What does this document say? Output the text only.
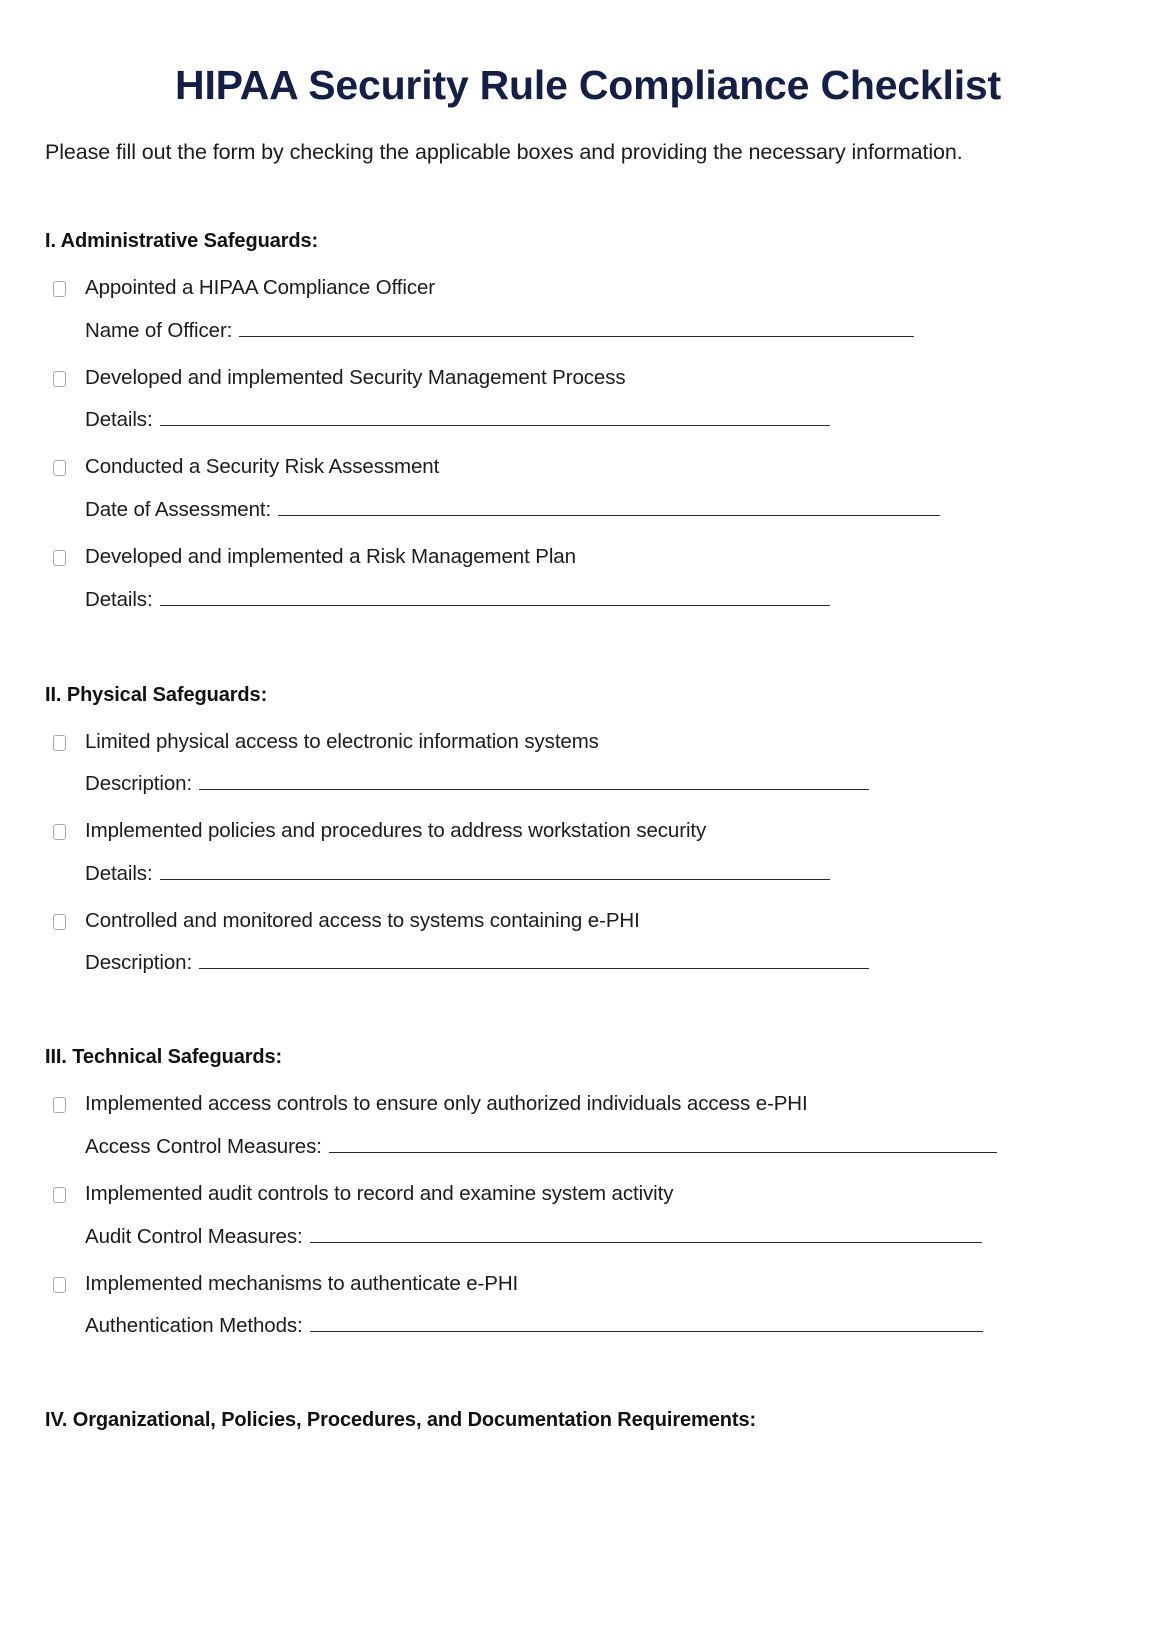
HIPAA Security Rule Compliance Checklist

Please fill out the form by checking the applicable boxes and providing the necessary information.

I. Administrative Safeguards:
Appointed a HIPAA Compliance Officer
Name of Officer:
Developed and implemented Security Management Process
Details:
Conducted a Security Risk Assessment
Date of Assessment:
Developed and implemented a Risk Management Plan
Details:
II. Physical Safeguards:
Limited physical access to electronic information systems
Description:
Implemented policies and procedures to address workstation security
Details:
Controlled and monitored access to systems containing e-PHI
Description:
III. Technical Safeguards:
Implemented access controls to ensure only authorized individuals access e-PHI
Access Control Measures:
Implemented audit controls to record and examine system activity
Audit Control Measures:
Implemented mechanisms to authenticate e-PHI
Authentication Methods:
IV. Organizational, Policies, Procedures, and Documentation Requirements:
